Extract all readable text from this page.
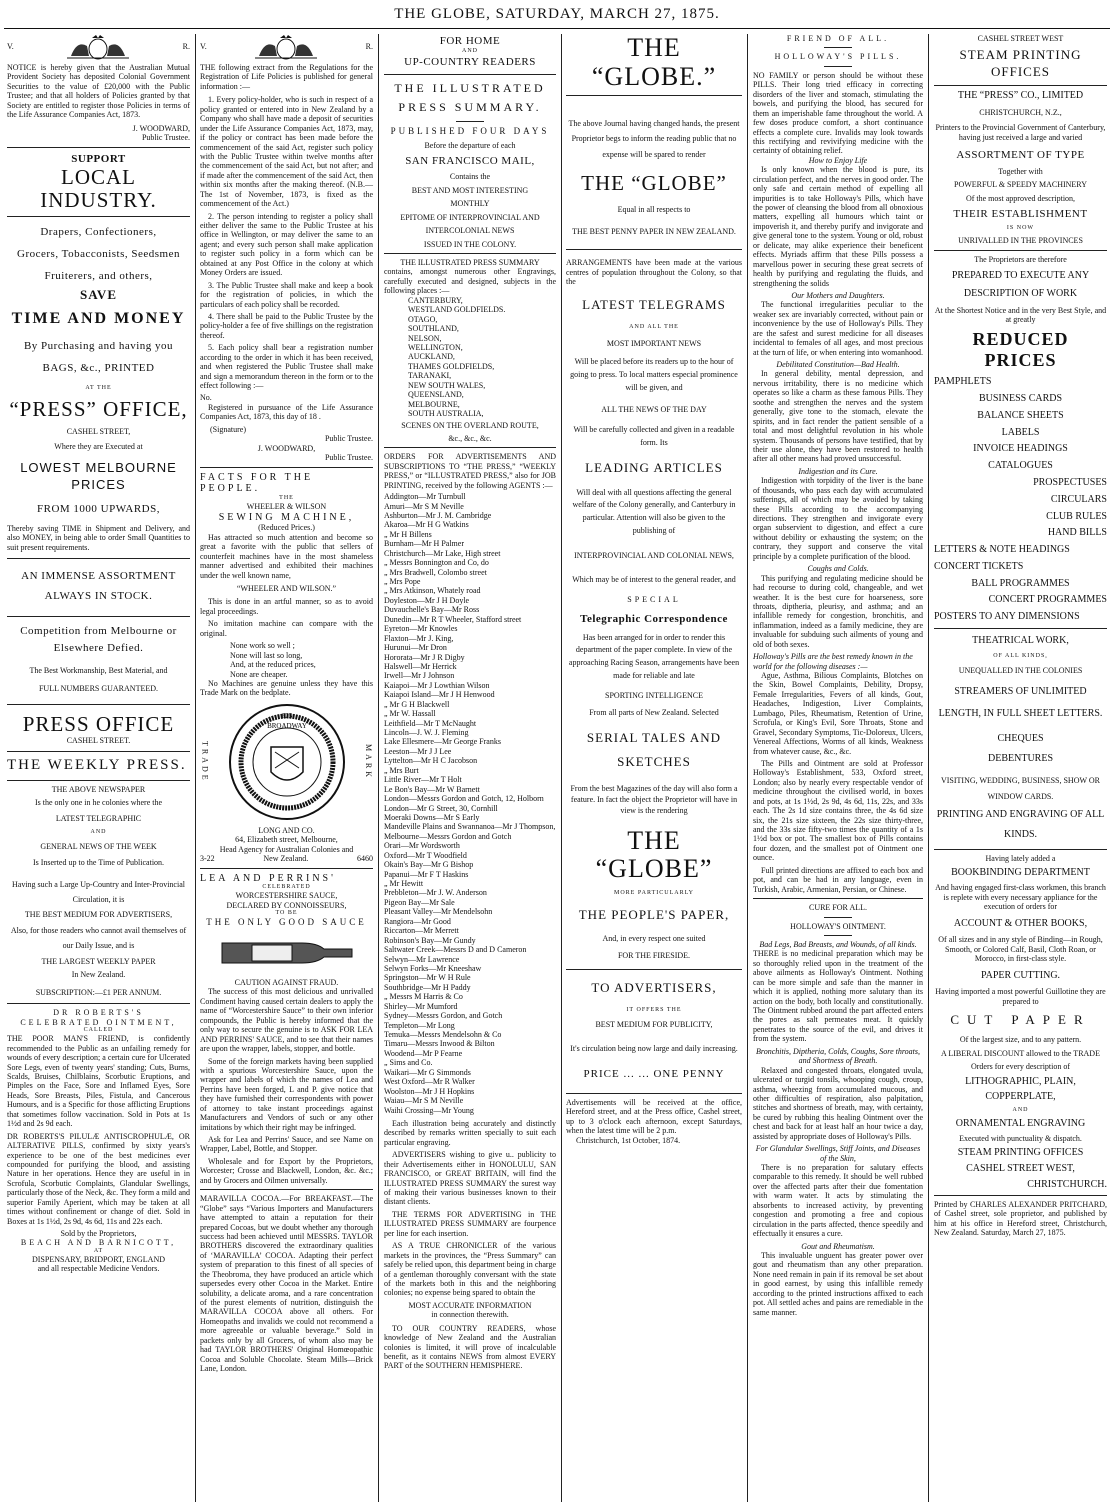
THE GLOBE, SATURDAY, MARCH 27, 1875.
V.	R.
NOTICE is hereby given that the Australian Mutual Provident Society has deposited Colonial Government Securities to the value of £20,000 with the Public Trustee; and that all holders of Policies granted by that Society are entitled to register those Policies in terms of the Life Assurance Companies Act, 1873.
J. WOODWARD,
Public Trustee.
SUPPORT
LOCAL INDUSTRY.
Drapers, Confectioners,
Grocers, Tobacconists, Seedsmen
Fruiterers, and others,
SAVE
TIME AND MONEY
By Purchasing and having you
BAGS, &c., PRINTED
AT THE
“PRESS” OFFICE,
CASHEL STREET,
Where they are Executed at
LOWEST MELBOURNE PRICES
FROM 1000 UPWARDS,
Thereby saving TIME in Shipment and Delivery, and also MONEY, in being able to order Small Quantities to suit present requirements.
AN IMMENSE ASSORTMENT
ALWAYS IN STOCK.
Competition from Melbourne or Elsewhere Defied.
The Best Workmanship, Best Material, and
FULL NUMBERS GUARANTEED.
PRESS OFFICE
CASHEL STREET.
THE WEEKLY PRESS.
THE ABOVE NEWSPAPER
Is the only one in he colonies where the
LATEST TELEGRAPHIC
AND
GENERAL NEWS OF THE WEEK
Is Inserted up to the Time of Publication.
Having such a Large Up-Country and Inter-Provincial Circulation, it is
THE BEST MEDIUM FOR ADVERTISERS,
Also, for those readers who cannot avail themselves of our Daily Issue, and is
THE LARGEST WEEKLY PAPER
In New Zealand.
SUBSCRIPTION:—£1 PER ANNUM.
DR ROBERTS'S
CELEBRATED OINTMENT,
CALLED
THE POOR MAN'S FRIEND, is confidently recommended to the Public as an unfailing remedy for wounds of every description; a certain cure for Ulcerated Sore Legs, even of twenty years' standing; Cuts, Burns, Scalds, Bruises, Chilblains, Scorbutic Eruptions, and Pimples on the Face, Sore and Inflamed Eyes, Sore Heads, Sore Breasts, Piles, Fistula, and Cancerous Humours, and is a Specific for those afflicting Eruptions that sometimes follow vaccination. Sold in Pots at 1s 1½d and 2s 9d each.
DR ROBERTS'S PILULÆ ANTISCROPHULÆ, OR ALTERATIVE PILLS, confirmed by sixty years's experience to be one of the best medicines ever compounded for purifying the blood, and assisting Nature in her operations. Hence they are useful in in Scrofula, Scorbutic Complaints, Glandular Swellings, particularly those of the Neck, &c. They form a mild and superior Family Aperient, which may be taken at all times without confinement or change of diet. Sold in Boxes at 1s 1½d, 2s 9d, 4s 6d, 11s and 22s each.
Sold by the Proprietors,
BEACH AND BARNICOTT,
AT
DISPENSARY, BRIDPORT, ENGLAND
and all respectable Medicine Vendors.
V.	R.
THE following extract from the Regulations for the Registration of Life Policies is published for general information :—
1. Every policy-holder, who is such in respect of a policy granted or entered into in New Zealand by a Company who shall have made a deposit of securities under the Life Assurance Companies Act, 1873, may, if the policy or contract has been made before the commencement of the said Act, register such policy with the Public Trustee within twelve months after the commencement of the said Act, but not after; and if made after the commencement of the said Act, then within six months after the making thereof. (N.B.—The 1st of November, 1873, is fixed as the commencement of the Act.)
2. The person intending to register a policy shall either deliver the same to the Public Trustee at his office in Wellington, or may deliver the same to an agent; and every such person shall make application to register such policy in a form which can be obtained at any Post Office in the colony at which Money Orders are issued.
3. The Public Trustee shall make and keep a book for the registration of policies, in which the particulars of each policy shall be recorded.
4. There shall be paid to the Public Trustee by the policy-holder a fee of five shillings on the registration thereof.
5. Each policy shall bear a registration number according to the order in which it has been received, and when registered the Public Trustee shall make and sign a memorandum thereon in the form or to the effect following :—
No.
Registered in pursuance of the Life Assurance Companies Act, 1873, this day of 18 .
(Signature)
Public Trustee.
J. WOODWARD,
Public Trustee.
FACTS FOR THE PEOPLE.
THE
WHEELER & WILSON
SEWING MACHINE,
(Reduced Prices.)
Has attracted so much attention and become so great a favorite with the public that sellers of counterfeit machines have in the most shameless manner advertised and exhibited their machines under the well known name,
“WHEELER AND WILSON.”
This is done in an artful manner, so as to avoid legal proceedings.
No imitation machine can compare with the original.
None work so well ;
None will last so long,
And, at the reduced prices,
None are cheaper.
No Machines are genuine unless they have this Trade Mark on the bedplate.
TRADE
625
BROADWAY
MARK
LONG AND CO.
64, Elizabeth street, Melbourne,
Head Agency for Australian Colonies and
3-22	New Zealand.	6460
LEA AND PERRINS'
CELEBRATED
WORCESTERSHIRE SAUCE,
DECLARED BY CONNOISSEURS,
TO BE
THE ONLY GOOD SAUCE
CAUTION AGAINST FRAUD.
The success of this most delicious and unrivalled Condiment having caused certain dealers to apply the name of “Worcestershire Sauce” to their own inferior compounds, the Public is hereby informed that the only way to secure the genuine is to ASK FOR LEA AND PERRINS' SAUCE, and to see that their names are upon the wrapper, labels, stopper, and bottle.
Some of the foreign markets having been supplied with a spurious Worcestershire Sauce, upon the wrapper and labels of which the names of Lea and Perrins have been forged, L and P. give notice that they have furnished their correspondents with power of attorney to take instant proceedings against Manufacturers and Vendors of such or any other imitations by which their right may be infringed.
Ask for Lea and Perrins' Sauce, and see Name on Wrapper, Label, Bottle, and Stopper.
Wholesale and for Export by the Proprietors, Worcester; Crosse and Blackwell, London, &c. &c.; and by Grocers and Oilmen universally.
MARAVILLA COCOA.—For BREAKFAST.—The “Globe” says “Various Importers and Manufacturers have attempted to attain a reputation for their prepared Cocoas, but we doubt whether any thorough success had been achieved until MESSRS. TAYLOR BROTHERS discovered the extraordinary qualities of ‘MARAVILLA’ COCOA. Adapting their perfect system of preparation to this finest of all species of the Theobroma, they have produced an article which supersedes every other Cocoa in the Market. Entire solubility, a delicate aroma, and a rare concentration of the purest elements of nutrition, distinguish the MARAVILLA COCOA above all others. For Homeopaths and invalids we could not recommend a more agreeable or valuable beverage.” Sold in packets only by all Grocers, of whom also may be had TAYLOR BROTHERS' Original Homœopathic Cocoa and Soluble Chocolate. Steam Mills—Brick Lane, London.
FOR HOME
AND
UP-COUNTRY READERS
THE ILLUSTRATED PRESS SUMMARY.
PUBLISHED FOUR DAYS
Before the departure of each
SAN FRANCISCO MAIL,
Contains the
BEST AND MOST INTERESTING
MONTHLY
EPITOME OF INTERPROVINCIAL AND
INTERCOLONIAL NEWS
ISSUED IN THE COLONY.
THE ILLUSTRATED PRESS SUMMARY
contains, amongst numerous other Engravings, carefully executed and designed, subjects in the following places :—
CANTERBURY,
WESTLAND GOLDFIELDS.
OTAGO,
SOUTHLAND,
NELSON,
WELLINGTON,
AUCKLAND,
THAMES GOLDFIELDS,
TARANAKI,
NEW SOUTH WALES,
QUEENSLAND,
MELBOURNE,
SOUTH AUSTRALIA,
SCENES ON THE OVERLAND ROUTE,
&c., &c., &c.
ORDERS FOR ADVERTISEMENTS AND SUBSCRIPTIONS TO “THE PRESS,” “WEEKLY PRESS,” or “ILLUSTRATED PRESS,” also for JOB PRINTING, received by the following AGENTS :—
Addington—Mr Turnbull
Amuri—Mr S M Neville
Ashburton—Mr J. M. Cambridge
Akaroa—Mr H G Watkins
„ Mr H Billens
Burnham—Mr H Palmer
Christchurch—Mr Lake, High street
„ Messrs Bonnington and Co, do
„ Mrs Bradwell, Colombo street
„ Mrs Pope
„ Mrs Atkinson, Whately road
Doyleston—Mr J H Doyle
Duvauchelle's Bay—Mr Ross
Dunedin—Mr R T Wheeler, Stafford street
Eyreton—Mr Knowles
Flaxton—Mr J. King,
Hurunui—Mr Dron
Hororata—Mr J R Digby
Halswell—Mr Herrick
Irwell—Mr J Johnson
Kaiapoi—Mr J Lowthian Wilson
Kaiapoi Island—Mr J H Henwood
„ Mr G H Blackwell
„ Mr W. Hassall
Leithfield—Mr T McNaught
Lincoln—J. W. J. Fleming
Lake Ellesmere—Mr George Franks
Leeston—Mr J J Lee
Lyttelton—Mr H C Jacobson
„ Mrs Burt
Little River—Mr T Holt
Le Bon's Bay—Mr W Barnett
London—Messrs Gordon and Gotch, 12, Holborn
London—Mr G Street, 30, Cornhill
Moeraki Downs—Mr S Early
Mandeville Plains and Swannanoa—Mr J Thompson,
Melbourne—Messrs Gordon and Gotch
Orari—Mr Wordsworth
Oxford—Mr T Woodfield
Okain's Bay—Mr G Bishop
Papanui—Mr F T Haskins
„ Mr Hewitt
Prebbleton—Mr J. W. Anderson
Pigeon Bay—Mr Sale
Pleasant Valley—Mr Mendelsohn
Rangiora—Mr Good
Riccarton—Mr Merrett
Robinson's Bay—Mr Gundy
Saltwater Creek—Messrs D and D Cameron
Selwyn—Mr Lawrence
Selwyn Forks—Mr Kneeshaw
Springston—Mr W H Rule
Southbridge—Mr H Paddy
„ Messrs M Harris & Co
Shirley—Mr Mumford
Sydney—Messrs Gordon, and Gotch
Templeton—Mr Long
Temuka—Messrs Mendelsohn & Co
Timaru—Messrs Inwood & Bilton
Woodend—Mr P Fearne
„ Sims and Co.
Waikari—Mr G Simmonds
West Oxford—Mr R Walker
Woolston—Mr J H Hopkins
Waiau—Mr S M Neville
Waihi Crossing—Mr Young
Each illustration being accurately and distinctly described by remarks written specially to suit each particular engraving.
ADVERTISERS wishing to give u.. publicity to their Advertisements either in HONOLULU, SAN FRANCISCO, or GREAT BRITAIN, will find the ILLUSTRATED PRESS SUMMARY the surest way of making their various businesses known to their distant clients.
THE TERMS FOR ADVERTISING in THE ILLUSTRATED PRESS SUMMARY are fourpence per line for each insertion.
AS A TRUE CHRONICLER of the various markets in the provinces, the “Press Summary” can safely be relied upon, this department being in charge of a gentleman thoroughly conversant with the state of the markets both in this and the neighboring colonies; no expense being spared to obtain the
MOST ACCURATE INFORMATION
in connection therewith.
TO OUR COUNTRY READERS, whose knowledge of New Zealand and the Australian colonies is limited, it will prove of incalculable benefit, as it contains NEWS from almost EVERY PART of the SOUTHERN HEMISPHERE.
THE “GLOBE.”
The above Journal having changed hands, the present Proprietor begs to inform the reading public that no expense will be spared to render
THE “GLOBE”
Equal in all respects to
THE BEST PENNY PAPER IN NEW ZEALAND.
ARRANGEMENTS have been made at the various centres of population throughout the Colony, so that the
LATEST TELEGRAMS
AND ALL THE
MOST IMPORTANT NEWS
Will be placed before its readers up to the hour of going to press. To local matters especial prominence will be given, and
ALL THE NEWS OF THE DAY
Will be carefully collected and given in a readable form. Its
LEADING ARTICLES
Will deal with all questions affecting the general welfare of the Colony generally, and Canterbury in particular. Attention will also be given to the publishing of
INTERPROVINCIAL AND COLONIAL NEWS,
Which may be of interest to the general reader, and
SPECIAL
Telegraphic Correspondence
Has been arranged for in order to render this department of the paper complete. In view of the approaching Racing Season, arrangements have been made for reliable and late
SPORTING INTELLIGENCE
From all parts of New Zealand. Selected
SERIAL TALES AND SKETCHES
From the best Magazines of the day will also form a feature. In fact the object the Proprietor will have in view is the rendering
THE “GLOBE”
MORE PARTICULARLY
THE PEOPLE'S PAPER,
And, in every respect one suited
FOR THE FIRESIDE.
TO ADVERTISERS,
IT OFFERS THE
BEST MEDIUM FOR PUBLICITY,
It's circulation being now large and daily increasing.
PRICE ... ... ONE PENNY
Advertisements will be received at the office, Hereford street, and at the Press office, Cashel street, up to 3 o'clock each afternoon, except Saturdays, when the latest time will be 2 p.m.
Christchurch, 1st October, 1874.
FRIEND OF ALL.
HOLLOWAY'S PILLS.
NO FAMILY or person should be without these PILLS. Their long tried efficacy in correcting disorders of the liver and stomach, stimulating the bowels, and purifying the blood, has secured for them an imperishable fame throughout the world. A few doses produce comfort, a short continuance effects a complete cure. Invalids may look towards this rectifying and revivifying medicine with the certainty of obtaining relief.
How to Enjoy Life
Is only known when the blood is pure, its circulation perfect, and the nerves in good order. The only safe and certain method of expelling all impurities is to take Holloway's Pills, which have the power of cleansing the blood from all obnoxious matters, expelling all humours which taint or impoverish it, and thereby purify and invigorate and give general tone to the system. Young or old, robust or delicate, may alike experience their beneficent effects. Myriads affirm that these Pills possess a marvellous power in securing these great secrets of health by purifying and regulating the fluids, and strengthening the solids
Our Mothers and Daughters.
The functional irregularities peculiar to the weaker sex are invariably corrected, without pain or inconvenience by the use of Holloway's Pills. They are the safest and surest medicine for all diseases incidental to females of all ages, and most precious at the turn of life, or when entering into womanhood.
Debilitated Constitution—Bad Health.
In general debility, mental depression, and nervous irritability, there is no medicine which operates so like a charm as these famous Pills. They soothe and strengthen the nerves and the system generally, give tone to the stomach, elevate the spirits, and in fact render the patient sensible of a total and most delightful revolution in his whole system. Thousands of persons have testified, that by their use alone, they have been restored to health after all other means had proved unsuccessful.
Indigestion and its Cure.
Indigestion with torpidity of the liver is the bane of thousands, who pass each day with accumulated sufferings, all of which may be avoided by taking these Pills according to the accompanying directions. They strengthen and invigorate every organ subservient to digestion, and effect a cure without debility or exhausting the system; on the contrary, they support and conserve the vital principle by a complete purification of the blood.
Coughs and Colds.
This purifying and regulating medicine should be had recourse to during cold, changeable, and wet weather. It is the best cure for hoarseness, sore throats, diptheria, pleurisy, and asthma; and an infallible remedy for congestion, bronchitis, and inflammation, indeed as a family medicine, they are invaluable for subduing such ailments of young and old of both sexes.
Holloway's Pills are the best remedy known in the world for the following diseases :—
Ague, Asthma, Bilious Complaints, Blotches on the Skin, Bowel Complaints, Debility, Dropsy, Female Irregularities, Fevers of all kinds, Gout, Headaches, Indigestion, Liver Complaints, Lumbago, Piles, Rheumatism, Retention of Urine, Scrofula, or King's Evil, Sore Throats, Stone and Gravel, Secondary Symptoms, Tic-Doloreux, Ulcers, Venereal Affections, Worms of all kinds, Weakness from whatever cause, &c., &c.
The Pills and Ointment are sold at Professor Holloway's Establishment, 533, Oxford street, London; also by nearly every respectable vendor of medicine throughout the civilised world, in boxes and pots, at 1s 1½d, 2s 9d, 4s 6d, 11s, 22s, and 33s each. The 2s 1d size contains three, the 4s 6d size six, the 21s size sixteen, the 22s size thirty-three, and the 33s size fifty-two times the quantity of a 1s 1½d box or pot. The smallest box of Pills contains four dozen, and the smallest pot of Ointment one ounce.
Full printed directions are affixed to each box and pot, and can be had in any language, even in Turkish, Arabic, Armenian, Persian, or Chinese.
CURE FOR ALL.
HOLLOWAY'S OINTMENT.
Bad Legs, Bad Breasts, and Wounds, of all kinds.
THERE is no medicinal preparation which may be so thoroughly relied upon in the treatment of the above ailments as Holloway's Ointment. Nothing can be more simple and safe than the manner in which it is applied, nothing more salutary than its action on the body, both locally and constitutionally. The Ointment rubbed around the part affected enters the pores as salt permeates meat. It quickly penetrates to the source of the evil, and drives it from the system.
Bronchitis, Diptheria, Colds, Coughs, Sore throats, and Shortness of Breath.
Relaxed and congested throats, elongated uvula, ulcerated or turgid tonsils, whooping cough, croup, asthma, wheezing from accumulated mucous, and other difficulties of respiration, also palpitation, stitches and shortness of breath, may, with certainty, be cured by rubbing this healing Ointment over the chest and back for at least half an hour twice a day, assisted by appropriate doses of Holloway's Pills.
For Glandular Swellings, Stiff Joints, and Diseases of the Skin,
There is no preparation for salutary effects comparable to this remedy. It should be well rubbed over the affected parts after their due fomentation with warm water. It acts by stimulating the absorbents to increased activity, by preventing congestion and promoting a free and copious circulation in the parts affected, thence speedily and effectually it ensures a cure.
Gout and Rheumatism.
This invaluable unguent has greater power over gout and rheumatism than any other preparation. None need remain in pain if its removal be set about in good earnest, by using this infallible remedy according to the printed instructions affixed to each pot. All settled aches and pains are remediable in the same manner.
CASHEL STREET WEST
STEAM PRINTING OFFICES
THE “PRESS” CO., LIMITED
CHRISTCHURCH, N.Z.,
Printers to the Provincial Government of Canterbury, having just received a large and varied
ASSORTMENT OF TYPE
Together with
POWERFUL & SPEEDY MACHINERY
Of the most approved description,
THEIR ESTABLISHMENT
IS NOW
UNRIVALLED IN THE PROVINCES
The Proprietors are therefore
PREPARED TO EXECUTE ANY
DESCRIPTION OF WORK
At the Shortest Notice and in the very Best Style, and at greatly
REDUCED PRICES
PAMPHLETS
BUSINESS CARDS
BALANCE SHEETS
LABELS
INVOICE HEADINGS
CATALOGUES
PROSPECTUSES
CIRCULARS
CLUB RULES
HAND BILLS
LETTERS & NOTE HEADINGS
CONCERT TICKETS
BALL PROGRAMMES
CONCERT PROGRAMMES
POSTERS TO ANY DIMENSIONS
THEATRICAL WORK,
OF ALL KINDS,
UNEQUALLED IN THE COLONIES
STREAMERS OF UNLIMITED LENGTH, IN FULL SHEET LETTERS.
CHEQUES
DEBENTURES
VISITING, WEDDING, BUSINESS, SHOW OR WINDOW CARDS.
PRINTING AND ENGRAVING OF ALL KINDS.
Having lately added a
BOOKBINDING DEPARTMENT
And having engaged first-class workmen, this branch is replete with every necessary appliance for the execution of orders for
ACCOUNT & OTHER BOOKS,
Of all sizes and in any style of Binding—in Rough, Smooth, or Colored Calf, Basil, Cloth Roan, or Morocco, in first-class style.
PAPER CUTTING.
Having imported a most powerful Guillotine they are prepared to
CUT PAPER
Of the largest size, and to any pattern.
A LIBERAL DISCOUNT allowed to the TRADE
Orders for every description of
LITHOGRAPHIC, PLAIN,
COPPERPLATE,
AND
ORNAMENTAL ENGRAVING
Executed with punctuality & dispatch.
STEAM PRINTING OFFICES
CASHEL STREET WEST,
CHRISTCHURCH.
Printed by CHARLES ALEXANDER PRITCHARD, of Cashel street, sole proprietor, and published by him at his office in Hereford street, Christchurch, New Zealand. Saturday, March 27, 1875.
